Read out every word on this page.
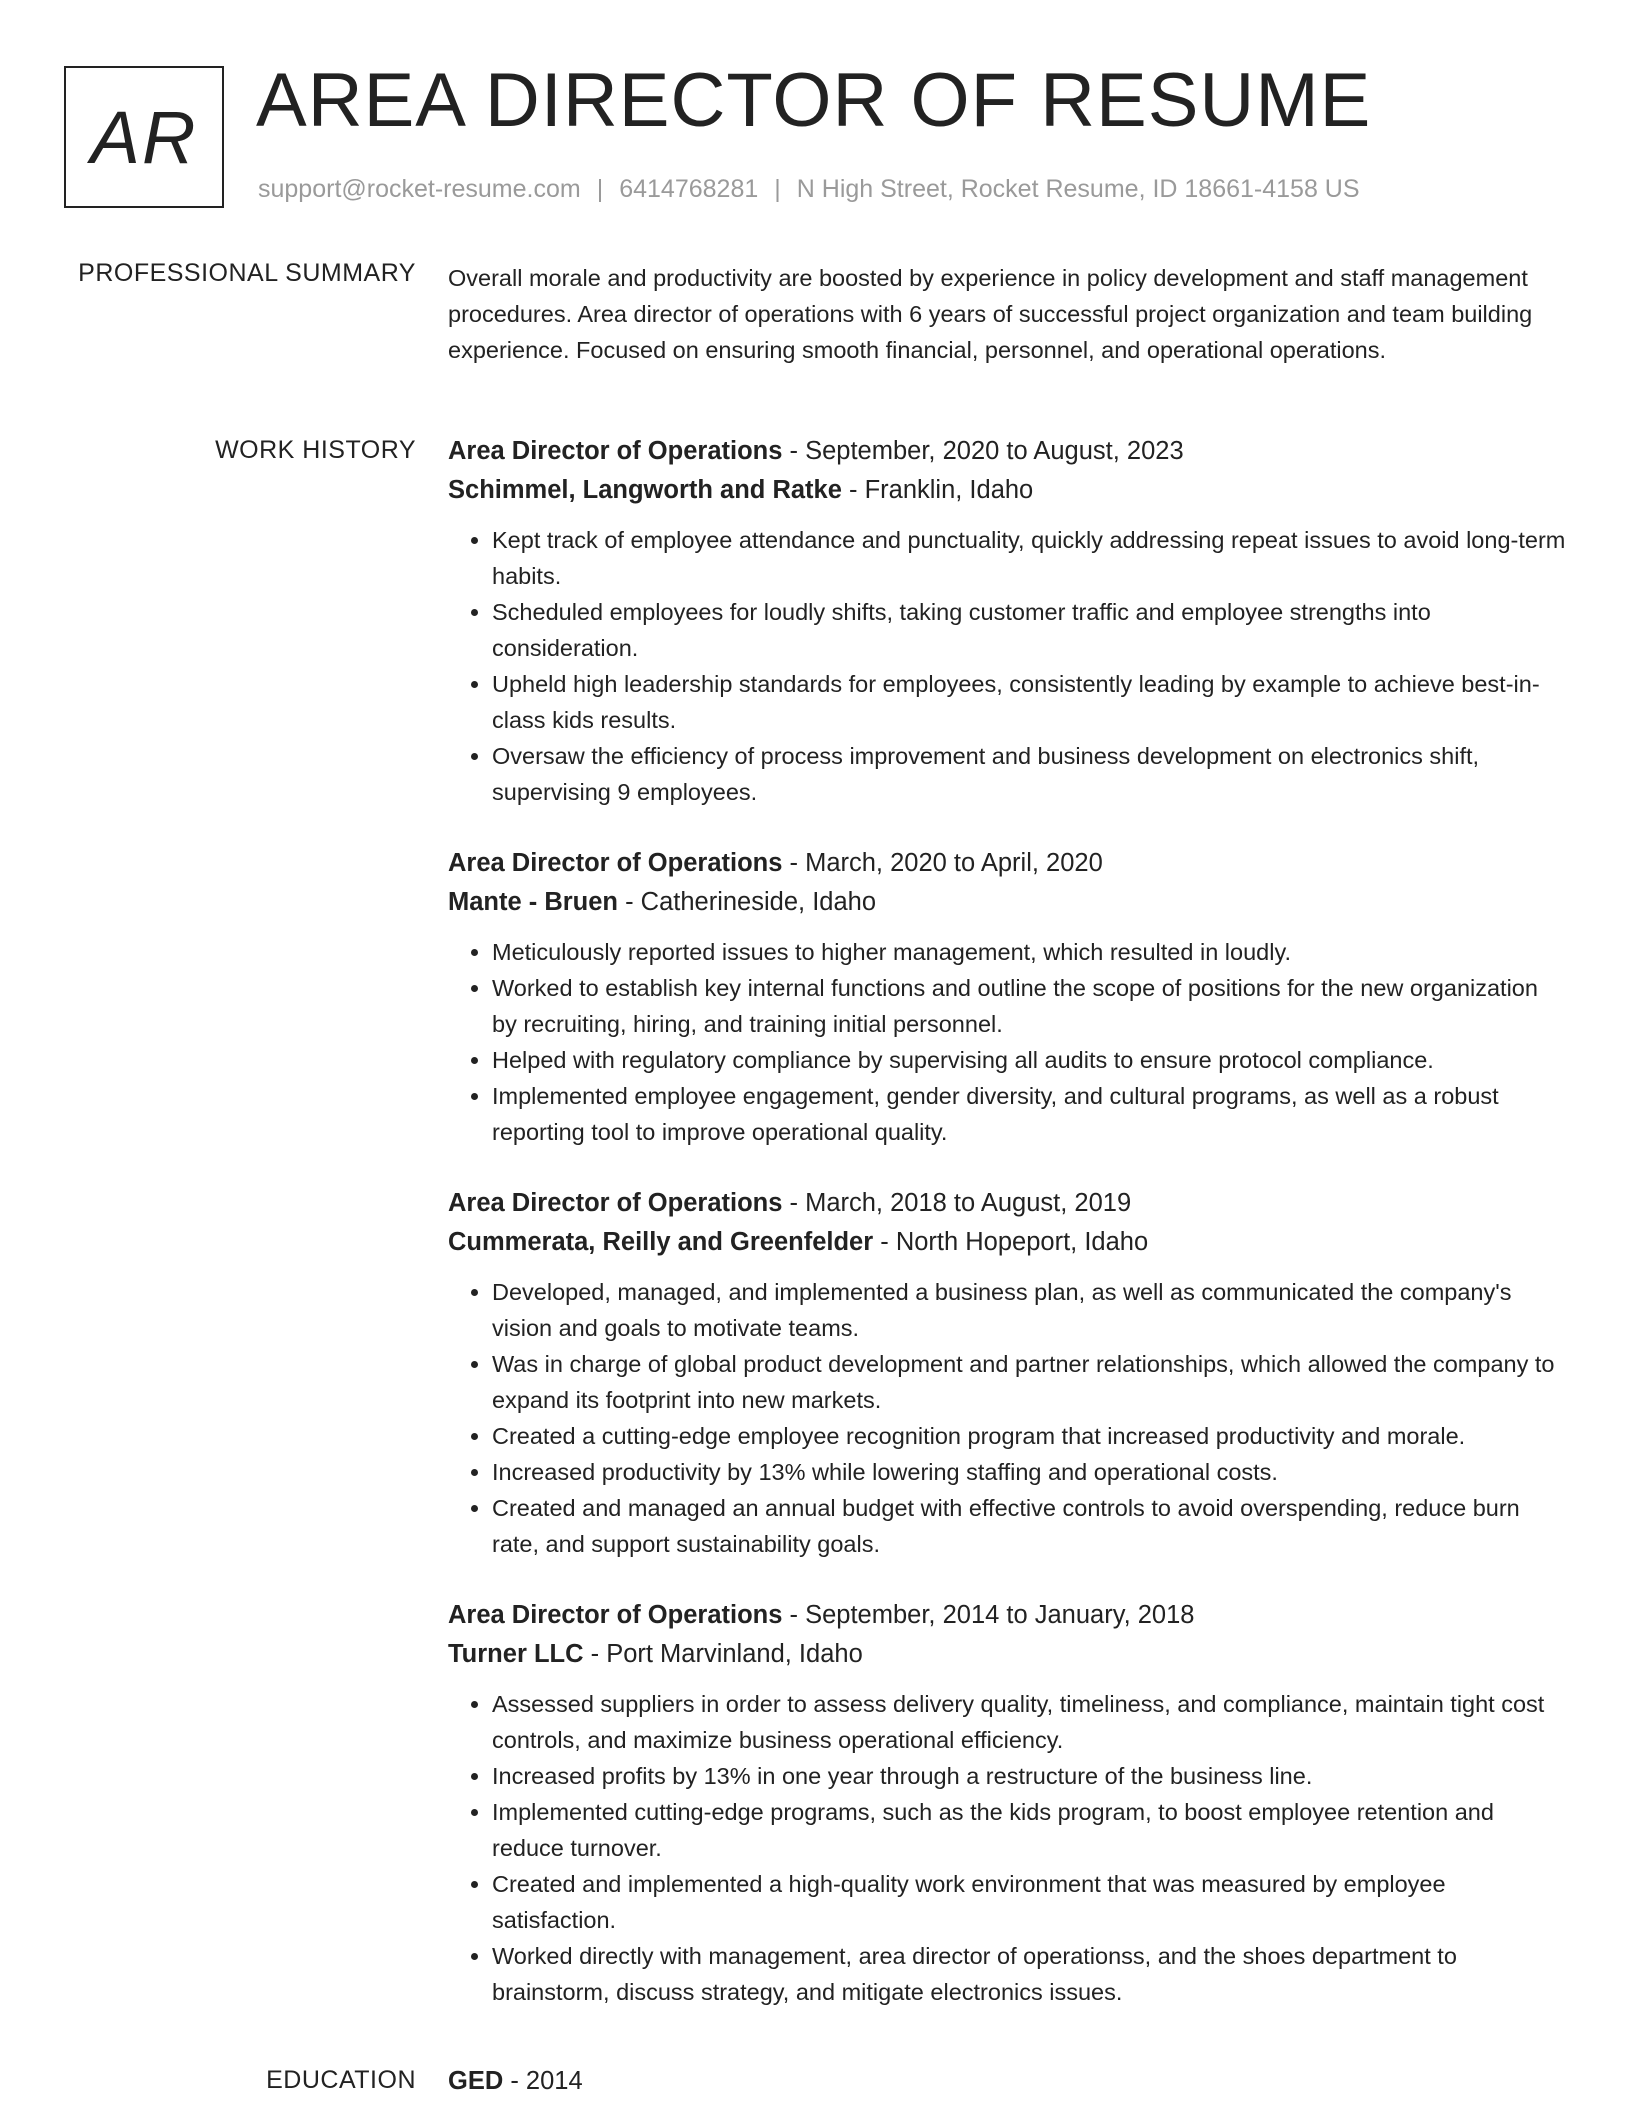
AR AREA DIRECTOR OF RESUME
support@rocket-resume.com | 6414768281 | N High Street, Rocket Resume, ID 18661-4158 US
PROFESSIONAL SUMMARY Overall morale and productivity are boosted by experience in policy development and staff management procedures. Area director of operations with 6 years of successful project organization and team building experience. Focused on ensuring smooth financial, personnel, and operational operations.

WORK HISTORY Area Director of Operations - September, 2020 to August, 2023
Schimmel, Langworth and Ratke - Franklin, Idaho
• Kept track of employee attendance and punctuality, quickly addressing repeat issues to avoid long-term habits.
• Scheduled employees for loudly shifts, taking customer traffic and employee strengths into consideration.
• Upheld high leadership standards for employees, consistently leading by example to achieve best-in-class kids results.
• Oversaw the efficiency of process improvement and business development on electronics shift, supervising 9 employees.
Area Director of Operations - March, 2020 to April, 2020
Mante - Bruen - Catherineside, Idaho
• Meticulously reported issues to higher management, which resulted in loudly.
• Worked to establish key internal functions and outline the scope of positions for the new organization by recruiting, hiring, and training initial personnel.
• Helped with regulatory compliance by supervising all audits to ensure protocol compliance.
• Implemented employee engagement, gender diversity, and cultural programs, as well as a robust reporting tool to improve operational quality.
Area Director of Operations - March, 2018 to August, 2019
Cummerata, Reilly and Greenfelder - North Hopeport, Idaho
• Developed, managed, and implemented a business plan, as well as communicated the company's vision and goals to motivate teams.
• Was in charge of global product development and partner relationships, which allowed the company to expand its footprint into new markets.
• Created a cutting-edge employee recognition program that increased productivity and morale.
• Increased productivity by 13% while lowering staffing and operational costs.
• Created and managed an annual budget with effective controls to avoid overspending, reduce burn rate, and support sustainability goals.
Area Director of Operations - September, 2014 to January, 2018
Turner LLC - Port Marvinland, Idaho
• Assessed suppliers in order to assess delivery quality, timeliness, and compliance, maintain tight cost controls, and maximize business operational efficiency.
• Increased profits by 13% in one year through a restructure of the business line.
• Implemented cutting-edge programs, such as the kids program, to boost employee retention and reduce turnover.
• Created and implemented a high-quality work environment that was measured by employee satisfaction.
• Worked directly with management, area director of operationss, and the shoes department to brainstorm, discuss strategy, and mitigate electronics issues.
EDUCATION GED - 2014
